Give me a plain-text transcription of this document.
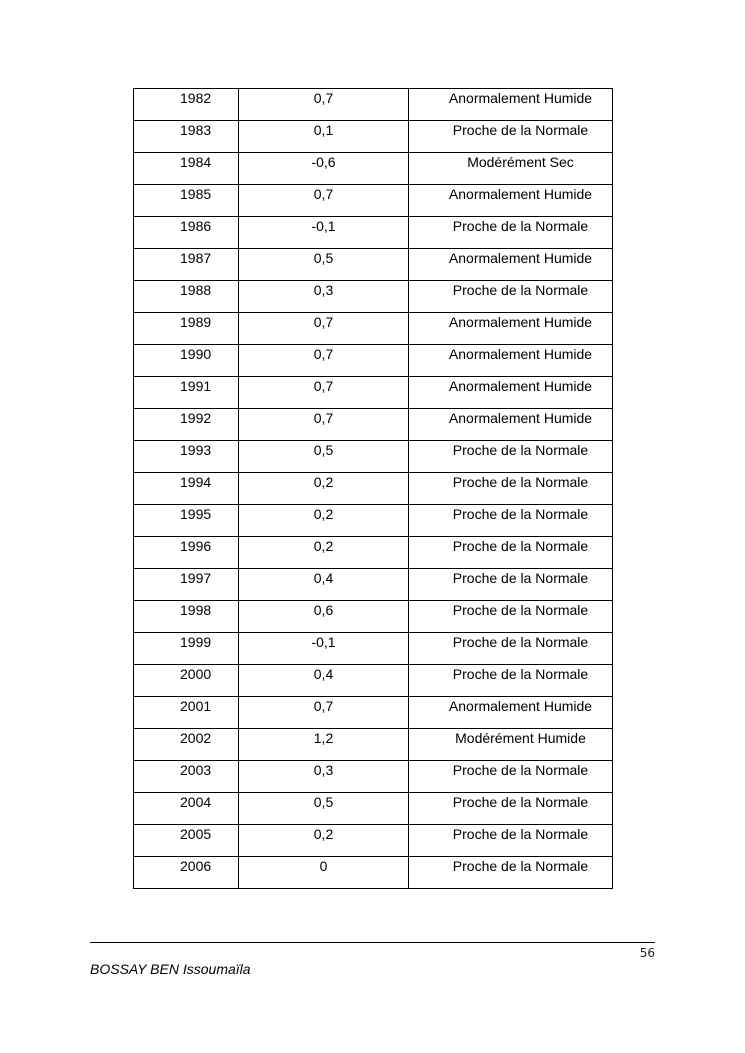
1982	0,7	Anormalement Humide

1983	0,1	Proche de la Normale

1984	-0,6	Modérément Sec

1985	0,7	Anormalement Humide

1986	-0,1	Proche de la Normale

1987	0,5	Anormalement Humide

1988	0,3	Proche de la Normale

1989	0,7	Anormalement Humide

1990	0,7	Anormalement Humide

1991	0,7	Anormalement Humide

1992	0,7	Anormalement Humide

1993	0,5	Proche de la Normale

1994	0,2	Proche de la Normale

1995	0,2	Proche de la Normale

1996	0,2	Proche de la Normale

1997	0,4	Proche de la Normale

1998	0,6	Proche de la Normale

1999	-0,1	Proche de la Normale

2000	0,4	Proche de la Normale

2001	0,7	Anormalement Humide

2002	1,2	Modérément Humide

2003	0,3	Proche de la Normale

2004	0,5	Proche de la Normale

2005	0,2	Proche de la Normale

2006	0	Proche de la Normale
56
BOSSAY BEN Issoumaïla
